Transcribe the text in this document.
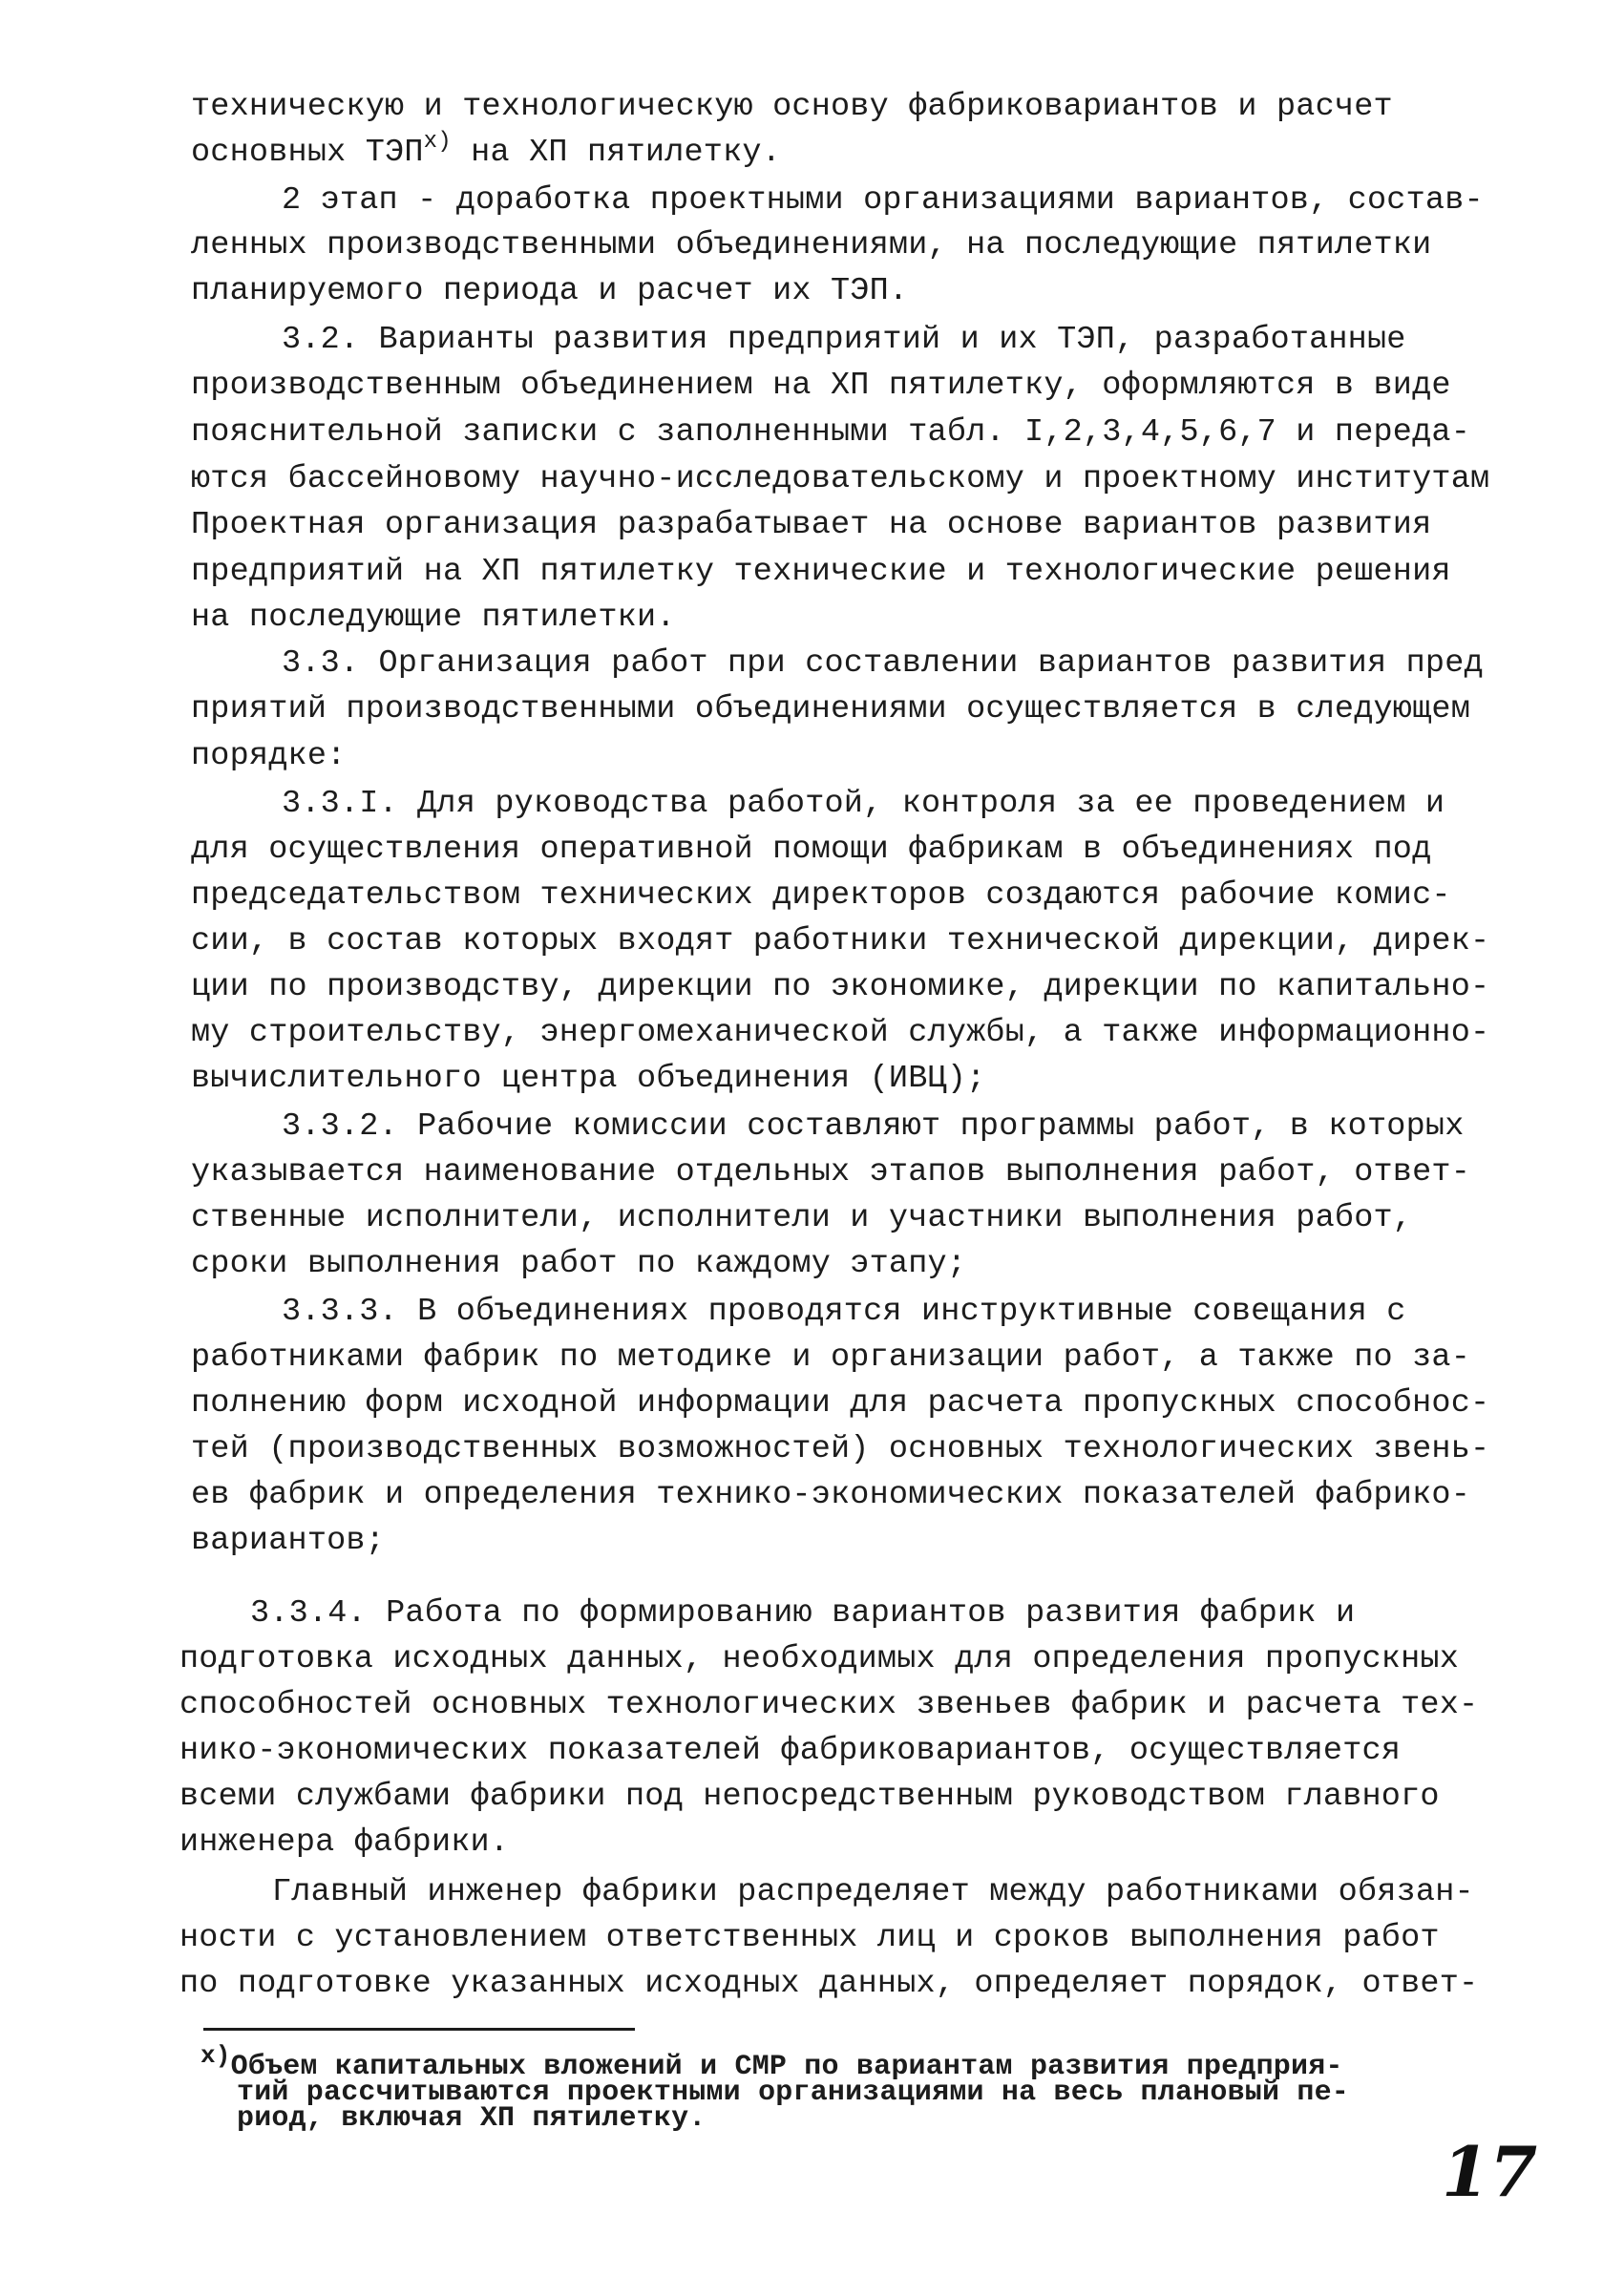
техническую и технологическую основу фабриковариантов и расчет
основных $ТЭП^{х)}$ на ХП пятилетку.
2 этап - доработка проектными организациями вариантов, состав-
ленных производственными объединениями, на последующие пятилетки
планируемого периода и расчет их ТЭП.
3.2. Варианты развития предприятий и их ТЭП, разработанные
производственным объединением на ХП пятилетку, оформляются в виде
пояснительной записки с заполненными табл. I,2,3,4,5,6,7 и переда-
ются бассейновому научно-исследовательскому и проектному институтам
Проектная организация разрабатывает на основе вариантов развития
предприятий на ХП пятилетку технические и технологические решения
на последующие пятилетки.
3.3. Организация работ при составлении вариантов развития пред
приятий производственными объединениями осуществляется в следующем
порядке:
3.3.I. Для руководства работой, контроля за ее проведением и
для осуществления оперативной помощи фабрикам в объединениях под
председательством технических директоров создаются рабочие комис-
сии, в состав которых входят работники технической дирекции, дирек-
ции по производству, дирекции по экономике, дирекции по капитально-
му строительству, энергомеханической службы, а также информационно-
вычислительного центра объединения (ИВЦ);
3.3.2. Рабочие комиссии составляют программы работ, в которых
указывается наименование отдельных этапов выполнения работ, ответ-
ственные исполнители, исполнители и участники выполнения работ,
сроки выполнения работ по каждому этапу;
3.3.3. В объединениях проводятся инструктивные совещания с
работниками фабрик по методике и организации работ, а также по за-
полнению форм исходной информации для расчета пропускных способнос-
тей (производственных возможностей) основных технологических звень-
ев фабрик и определения технико-экономических показателей фабрико-
вариантов;
3.3.4. Работа по формированию вариантов развития фабрик и
подготовка исходных данных, необходимых для определения пропускных
способностей основных технологических звеньев фабрик и расчета тех-
нико-экономических показателей фабриковариантов, осуществляется
всеми службами фабрики под непосредственным руководством главного
инженера фабрики.
Главный инженер фабрики распределяет между работниками обязан-
ности с установлением ответственных лиц и сроков выполнения работ
по подготовке указанных исходных данных, определяет порядок, ответ-
х)Объем капитальных вложений и СМР по вариантам развития предприя-
тий рассчитываются проектными организациями на весь плановый пе-
риод, включая ХП пятилетку.
17
